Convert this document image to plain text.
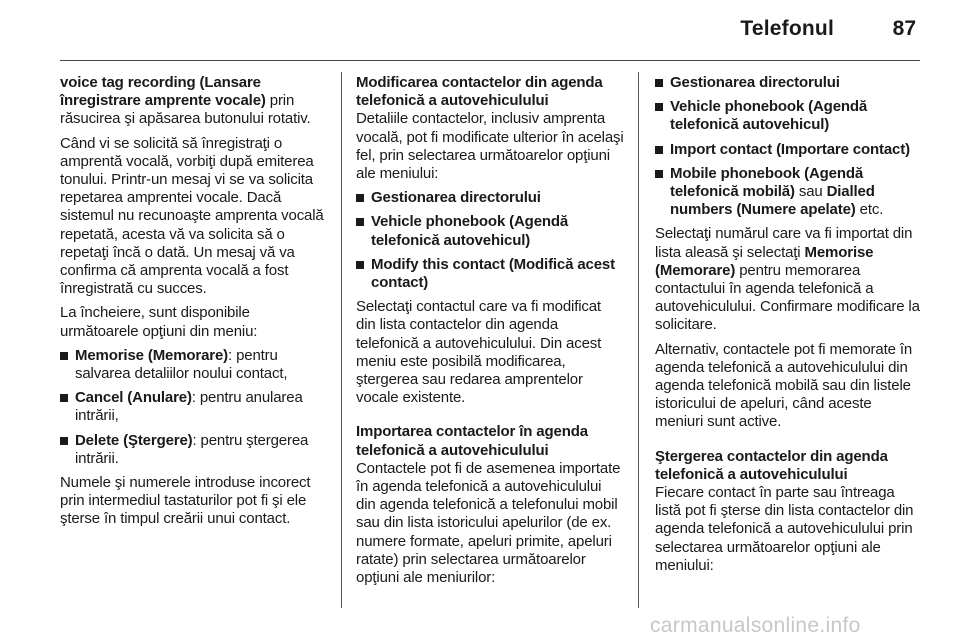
Telefonul	87

voice tag recording (Lansare înregistrare amprente vocale) prin răsucirea şi apăsarea butonului rotativ.

Când vi se solicită să înregistraţi o amprentă vocală, vorbiţi după emiterea tonului. Printr-un mesaj vi se va solicita repetarea amprentei vocale. Dacă sistemul nu recunoaşte amprenta vocală repetată, acesta vă va solicita să o repetaţi încă o dată. Un mesaj vă va confirma că amprenta vocală a fost înregistrată cu succes.

La încheiere, sunt disponibile următoarele opţiuni din meniu:

Memorise (Memorare): pentru salvarea detaliilor noului contact,
Cancel (Anulare): pentru anularea intrării,
Delete (Ştergere): pentru ştergerea intrării.

Numele şi numerele introduse incorect prin intermediul tastaturilor pot fi şi ele şterse în timpul creării unui contact.

Modificarea contactelor din agenda telefonică a autovehiculului

Detaliile contactelor, inclusiv amprenta vocală, pot fi modificate ulterior în acelaşi fel, prin selectarea următoarelor opţiuni ale meniului:

Gestionarea directorului
Vehicle phonebook (Agendă telefonică autovehicul)
Modify this contact (Modifică acest contact)

Selectaţi contactul care va fi modificat din lista contactelor din agenda telefonică a autovehiculului. Din acest meniu este posibilă modificarea, ştergerea sau redarea amprentelor vocale existente.

Importarea contactelor în agenda telefonică a autovehiculului

Contactele pot fi de asemenea importate în agenda telefonică a autovehiculului din agenda telefonică a telefonului mobil sau din lista istoricului apelurilor (de ex. numere formate, apeluri primite, apeluri ratate) prin selectarea următoarelor opţiuni ale meniurilor:

Gestionarea directorului
Vehicle phonebook (Agendă telefonică autovehicul)
Import contact (Importare contact)
Mobile phonebook (Agendă telefonică mobilă) sau Dialled numbers (Numere apelate) etc.

Selectaţi numărul care va fi importat din lista aleasă şi selectaţi Memorise (Memorare) pentru memorarea contactului în agenda telefonică a autovehiculului. Confirmare modificare la solicitare.

Alternativ, contactele pot fi memorate în agenda telefonică a autovehiculului din agenda telefonică mobilă sau din listele istoricului de apeluri, când aceste meniuri sunt active.

Ştergerea contactelor din agenda telefonică a autovehiculului

Fiecare contact în parte sau întreaga listă pot fi şterse din lista contactelor din agenda telefonică a autovehiculului prin selectarea următoarelor opţiuni ale meniului:

carmanualsonline.info
